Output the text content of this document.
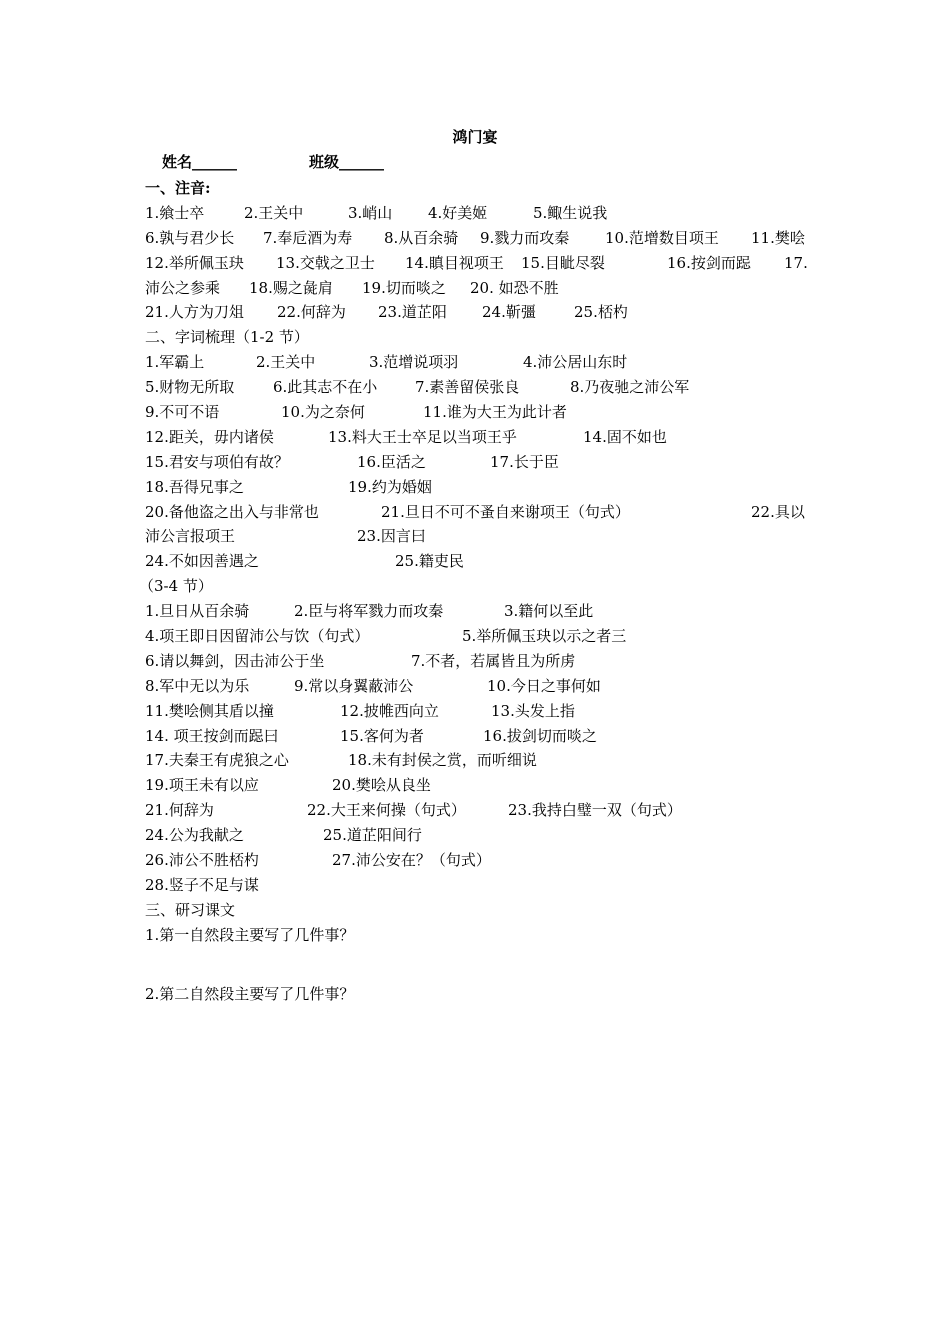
鸿门宴
姓名______	班级______
一、注音:
1.飨士卒	2.王关中	3.峭山 4.好美姬	5.鲰生说我
6.孰与君少长 7.奉卮酒为寿 8.从百余骑 9.戮力而攻秦 10.范增数目项王 11.樊哙
12.举所佩玉玦 13.交戟之卫士 14.瞋目视项王 15.目眦尽裂	16.按剑而跽 17.
沛公之参乘 18.赐之彘肩 19.切而啖之 20. 如恐不胜
21.人方为刀俎 22.何辞为 23.道芷阳 24.靳彊	25.桮杓
二、字词梳理（1-2 节）
1.军霸上	2.王关中	3.范增说项羽	4.沛公居山东时
5.财物无所取	6.此其志不在小	7.素善留侯张良	8.乃夜驰之沛公军
9.不可不语	10.为之奈何	11.谁为大王为此计者
12.距关，毋内诸侯	13.料大王士卒足以当项王乎	14.固不如也
15.君安与项伯有故？	16.臣活之	17.长于臣
18.吾得兄事之	19.约为婚姻
20.备他盗之出入与非常也	21.旦日不可不蚤自来谢项王（句式）	22.具以
沛公言报项王	23.因言曰
24.不如因善遇之	25.籍吏民
（3-4 节）
1.旦日从百余骑	2.臣与将军戮力而攻秦	3.籍何以至此
4.项王即日因留沛公与饮（句式）	5.举所佩玉玦以示之者三
6.请以舞剑，因击沛公于坐	7.不者，若属皆且为所虏
8.军中无以为乐	9.常以身翼蔽沛公	10.今日之事何如
11.樊哙侧其盾以撞	12.披帷西向立	13.头发上指
14. 项王按剑而跽曰	15.客何为者	16.拔剑切而啖之
17.夫秦王有虎狼之心	18.未有封侯之赏，而听细说
19.项王未有以应	20.樊哙从良坐
21.何辞为	22.大王来何操（句式）	23.我持白璧一双（句式）
24.公为我献之	25.道芷阳间行
26.沛公不胜桮杓	27.沛公安在？（句式）
28.竖子不足与谋
三、研习课文
1.第一自然段主要写了几件事？
2.第二自然段主要写了几件事？
